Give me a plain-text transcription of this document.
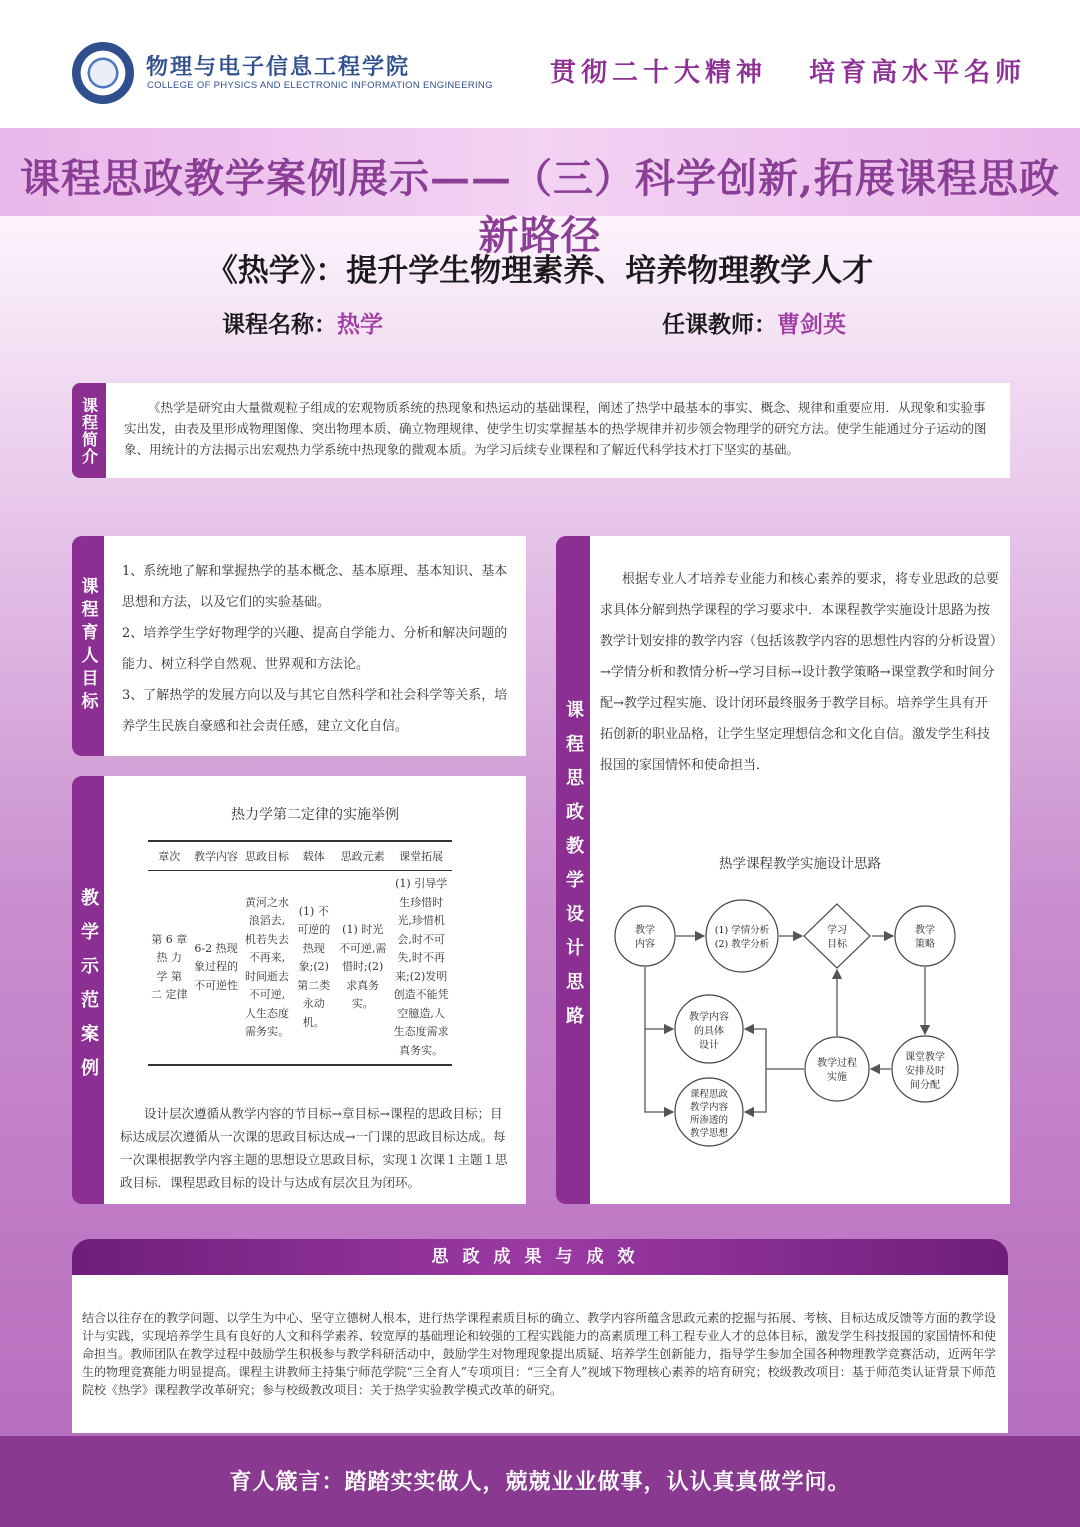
物理与电子信息工程学院
COLLEGE OF PHYSICS AND ELECTRONIC INFORMATION ENGINEERING 贯彻二十大精神   培育高水平名师
课程思政教学案例展示——（三）科学创新,拓展课程思政新路径
《热学》：提升学生物理素养、培养物理教学人才
课程名称：热学	任课教师：曹剑英
课程简介	《热学是研究由大量微观粒子组成的宏观物质系统的热现象和热运动的基础课程，阐述了热学中最基本的事实、概念、规律和重要应用．从现象和实验事实出发，由表及里形成物理图像、突出物理本质、确立物理规律、使学生切实掌握基本的热学规律并初步领会物理学的研究方法。使学生能通过分子运动的图象、用统计的方法揭示出宏观热力学系统中热现象的微观本质。为学习后续专业课程和了解近代科学技术打下坚实的基础。

课程育人目标

1、系统地了解和掌握热学的基本概念、基本原理、基本知识、基本思想和方法，以及它们的实验基础。

2、培养学生学好物理学的兴趣、提高自学能力、分析和解决问题的能力、树立科学自然观、世界观和方法论。

3、了解热学的发展方向以及与其它自然科学和社会科学等关系，培养学生民族自豪感和社会责任感，建立文化自信。

教学示范案例
热力学第二定律的实施举例
章次	教学内容	思政目标	载体	思政元素	课堂拓展
第 6 章 热 力 学 第 二 定律	6-2 热现象过程的不可逆性	黄河之水浪滔去,机若失去不再来,时间逝去不可逆,人生态度需务实。	(1) 不可逆的热现象;(2) 第二类永动机。	(1) 时光不可逆,需惜时;(2)求真务实。	(1) 引导学生珍惜时光,珍惜机会,时不可失,时不再来;(2)发明创造不能凭空臆造,人生态度需求真务实。
设计层次遵循从教学内容的节目标→章目标→课程的思政目标；目标达成层次遵循从一次课的思政目标达成→一门课的思政目标达成。每一次课根据教学内容主题的思想设立思政目标，实现１次课１主题１思政目标．课程思政目标的设计与达成有层次且为闭环。
课程思政教学设计思路
根据专业人才培养专业能力和核心素养的要求，将专业思政的总要求具体分解到热学课程的学习要求中．本课程教学实施设计思路为按教学计划安排的教学内容（包括该教学内容的思想性内容的分析设置）→学情分析和教情分析→学习目标→设计教学策略→课堂教学和时间分配→教学过程实施、设计闭环最终服务于教学目标。培养学生具有开拓创新的职业品格，让学生坚定理想信念和文化自信。激发学生科技报国的家国情怀和使命担当．
热学课程教学实施设计思路
教学
内容
(1) 学情分析
(2) 教学分析
学习
目标
教学
策略
教学内容
的具体
设计
教学过程
实施
课堂教学
安排及时
间分配
课程思政
教学内容
所渗透的
教学思想
思政成果与成效

结合以往存在的教学问题、以学生为中心、坚守立德树人根本，进行热学课程素质目标的确立、教学内容所蕴含思政元素的挖掘与拓展、考核、目标达成反馈等方面的教学设计与实践，实现培养学生具有良好的人文和科学素养、较宽厚的基础理论和较强的工程实践能力的高素质理工科工程专业人才的总体目标，激发学生科技报国的家国情怀和使命担当。教师团队在教学过程中鼓励学生积极参与教学科研活动中，鼓励学生对物理现象提出质疑、培养学生创新能力，指导学生参加全国各种物理教学竞赛活动，近两年学生的物理竞赛能力明显提高。课程主讲教师主持集宁师范学院“三全育人”专项项目：“三全育人”视域下物理核心素养的培育研究；校级教改项目：基于师范类认证背景下师范院校《热学》课程教学改革研究；参与校级教改项目：关于热学实验教学模式改革的研究。

育人箴言：踏踏实实做人，兢兢业业做事，认认真真做学问。
